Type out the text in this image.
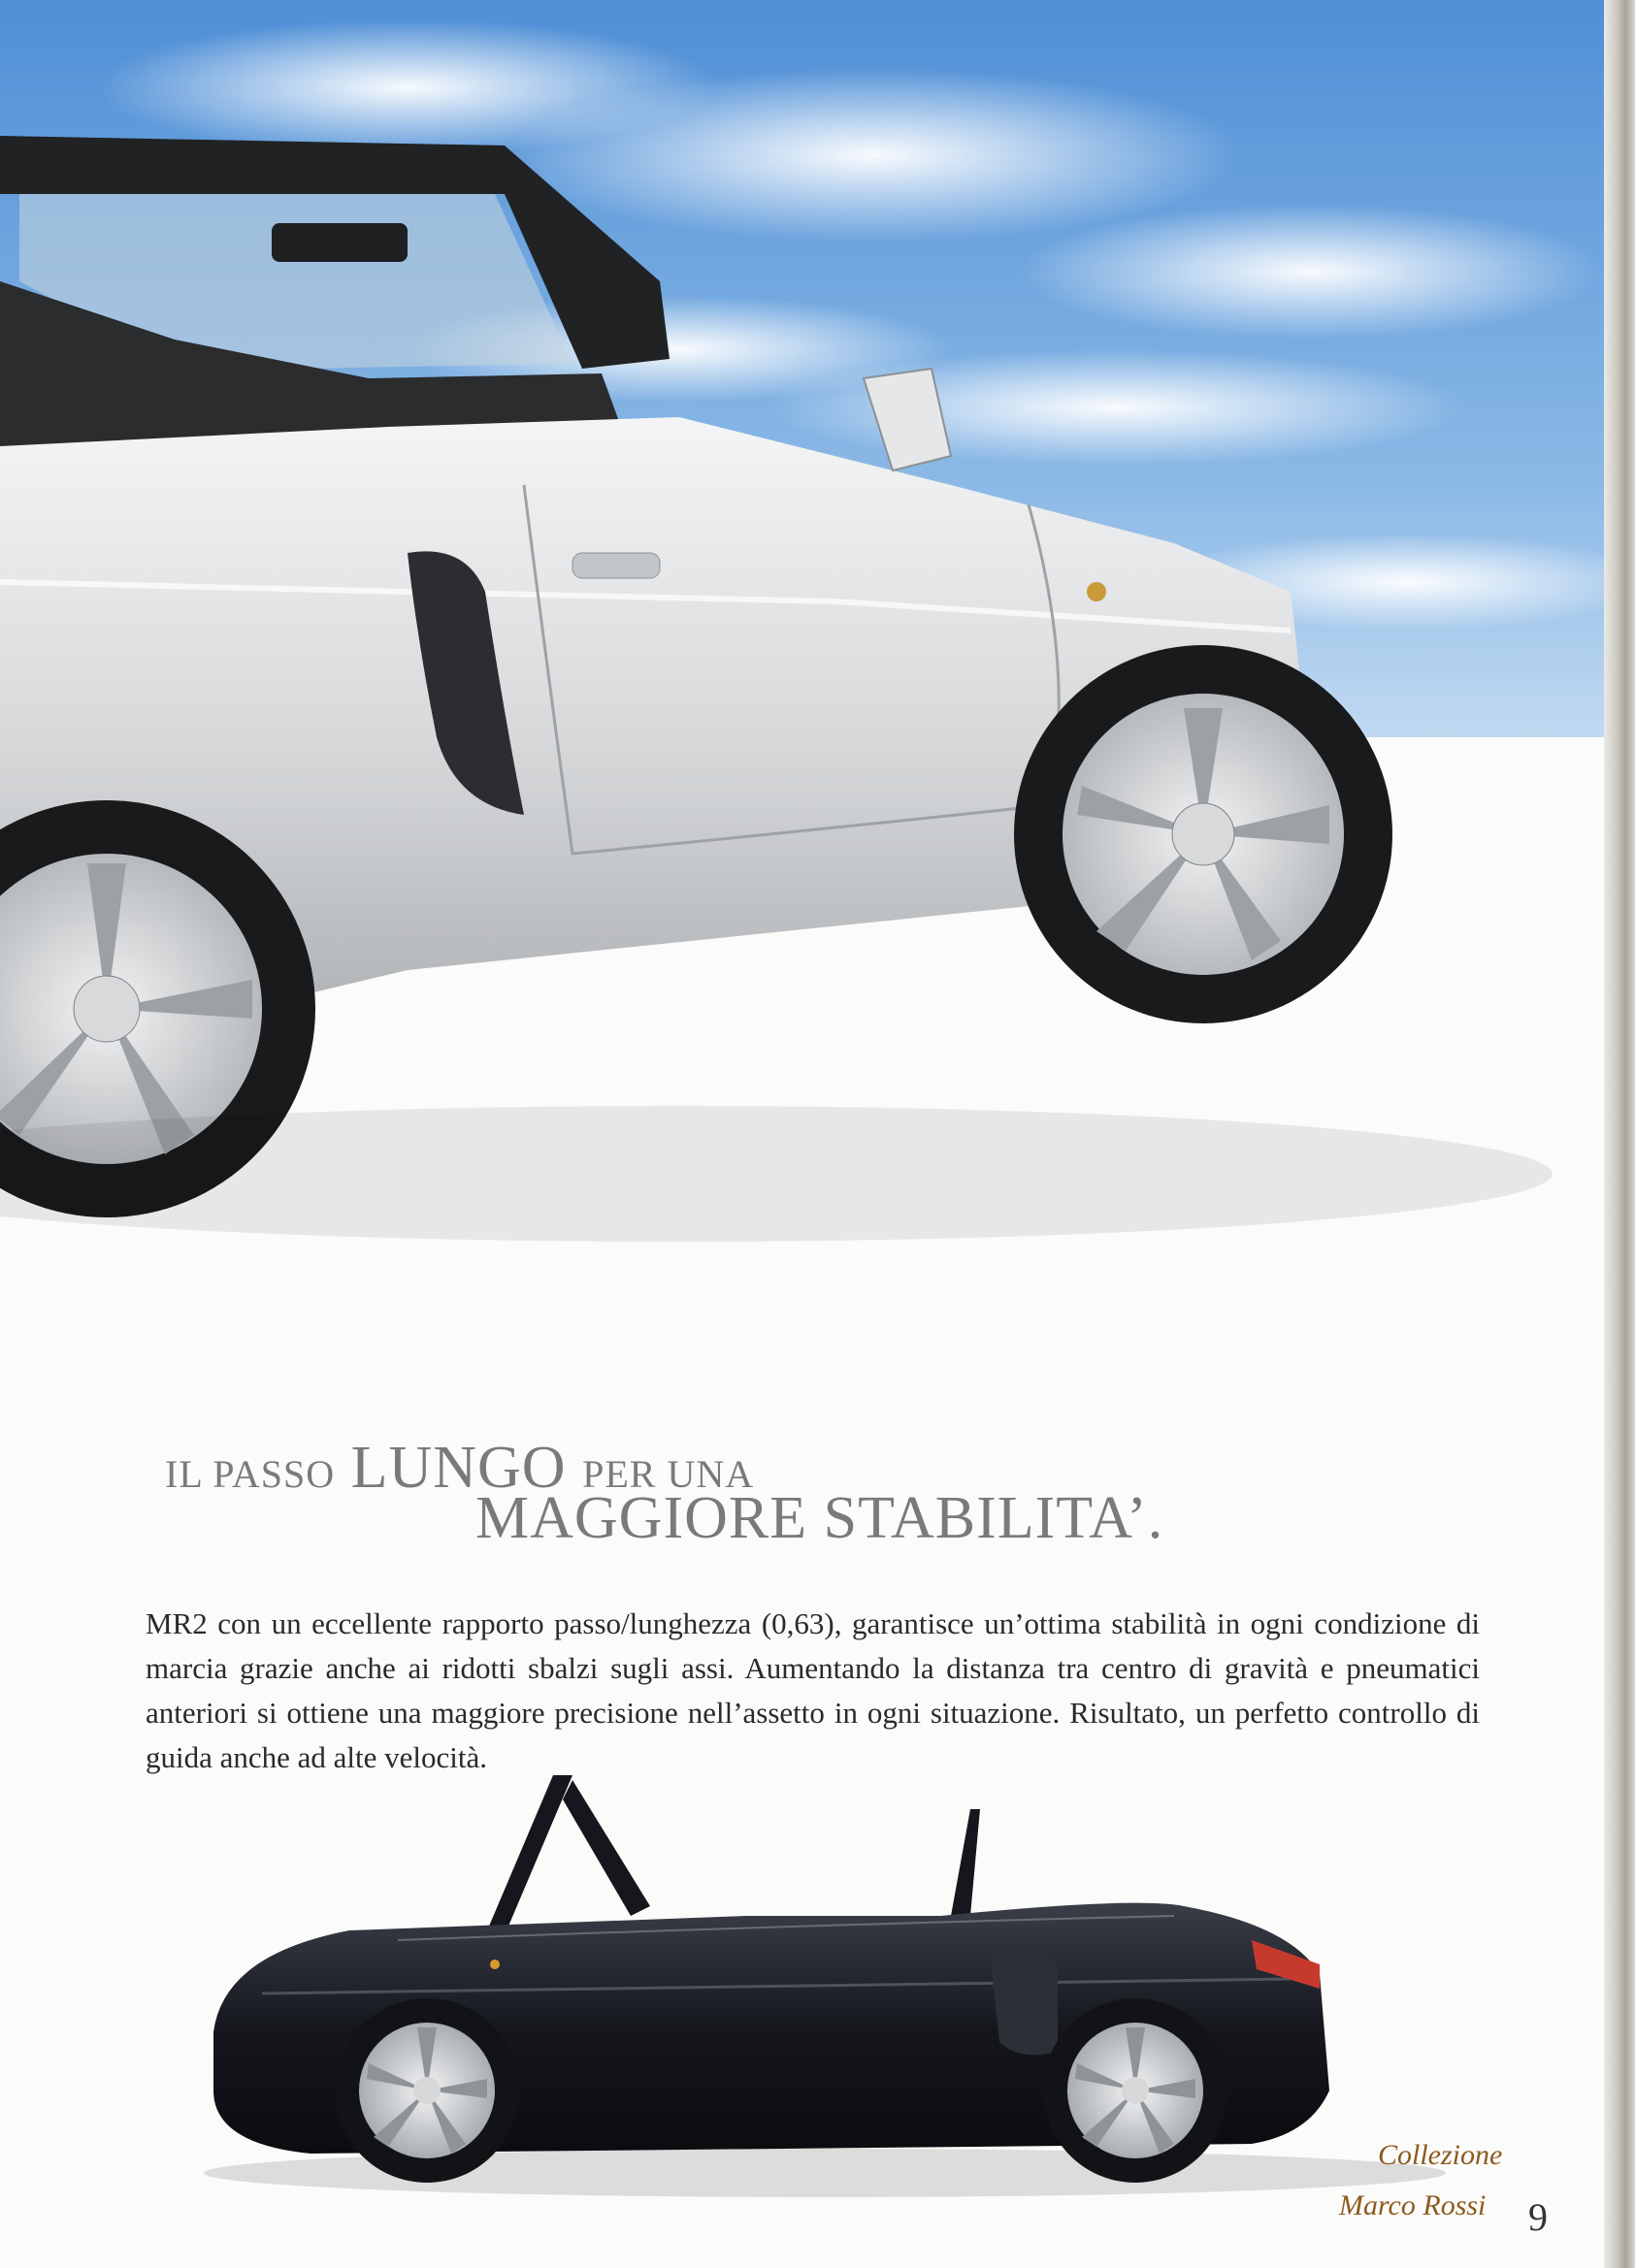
IL PASSO LUNGO PER UNA
MAGGIORE STABILITA’.

MR2 con un eccellente rapporto passo/lunghezza (0,63), garantisce un’ottima stabilità in ogni condizione di marcia grazie anche ai ridotti sbalzi sugli assi. Aumentando la distanza tra centro di gravità e pneumatici anteriori si ottiene una maggiore precisione nell’assetto in ogni situazione. Risultato, un perfetto controllo di guida anche ad alte velocità.

Collezione
Marco Rossi 9
